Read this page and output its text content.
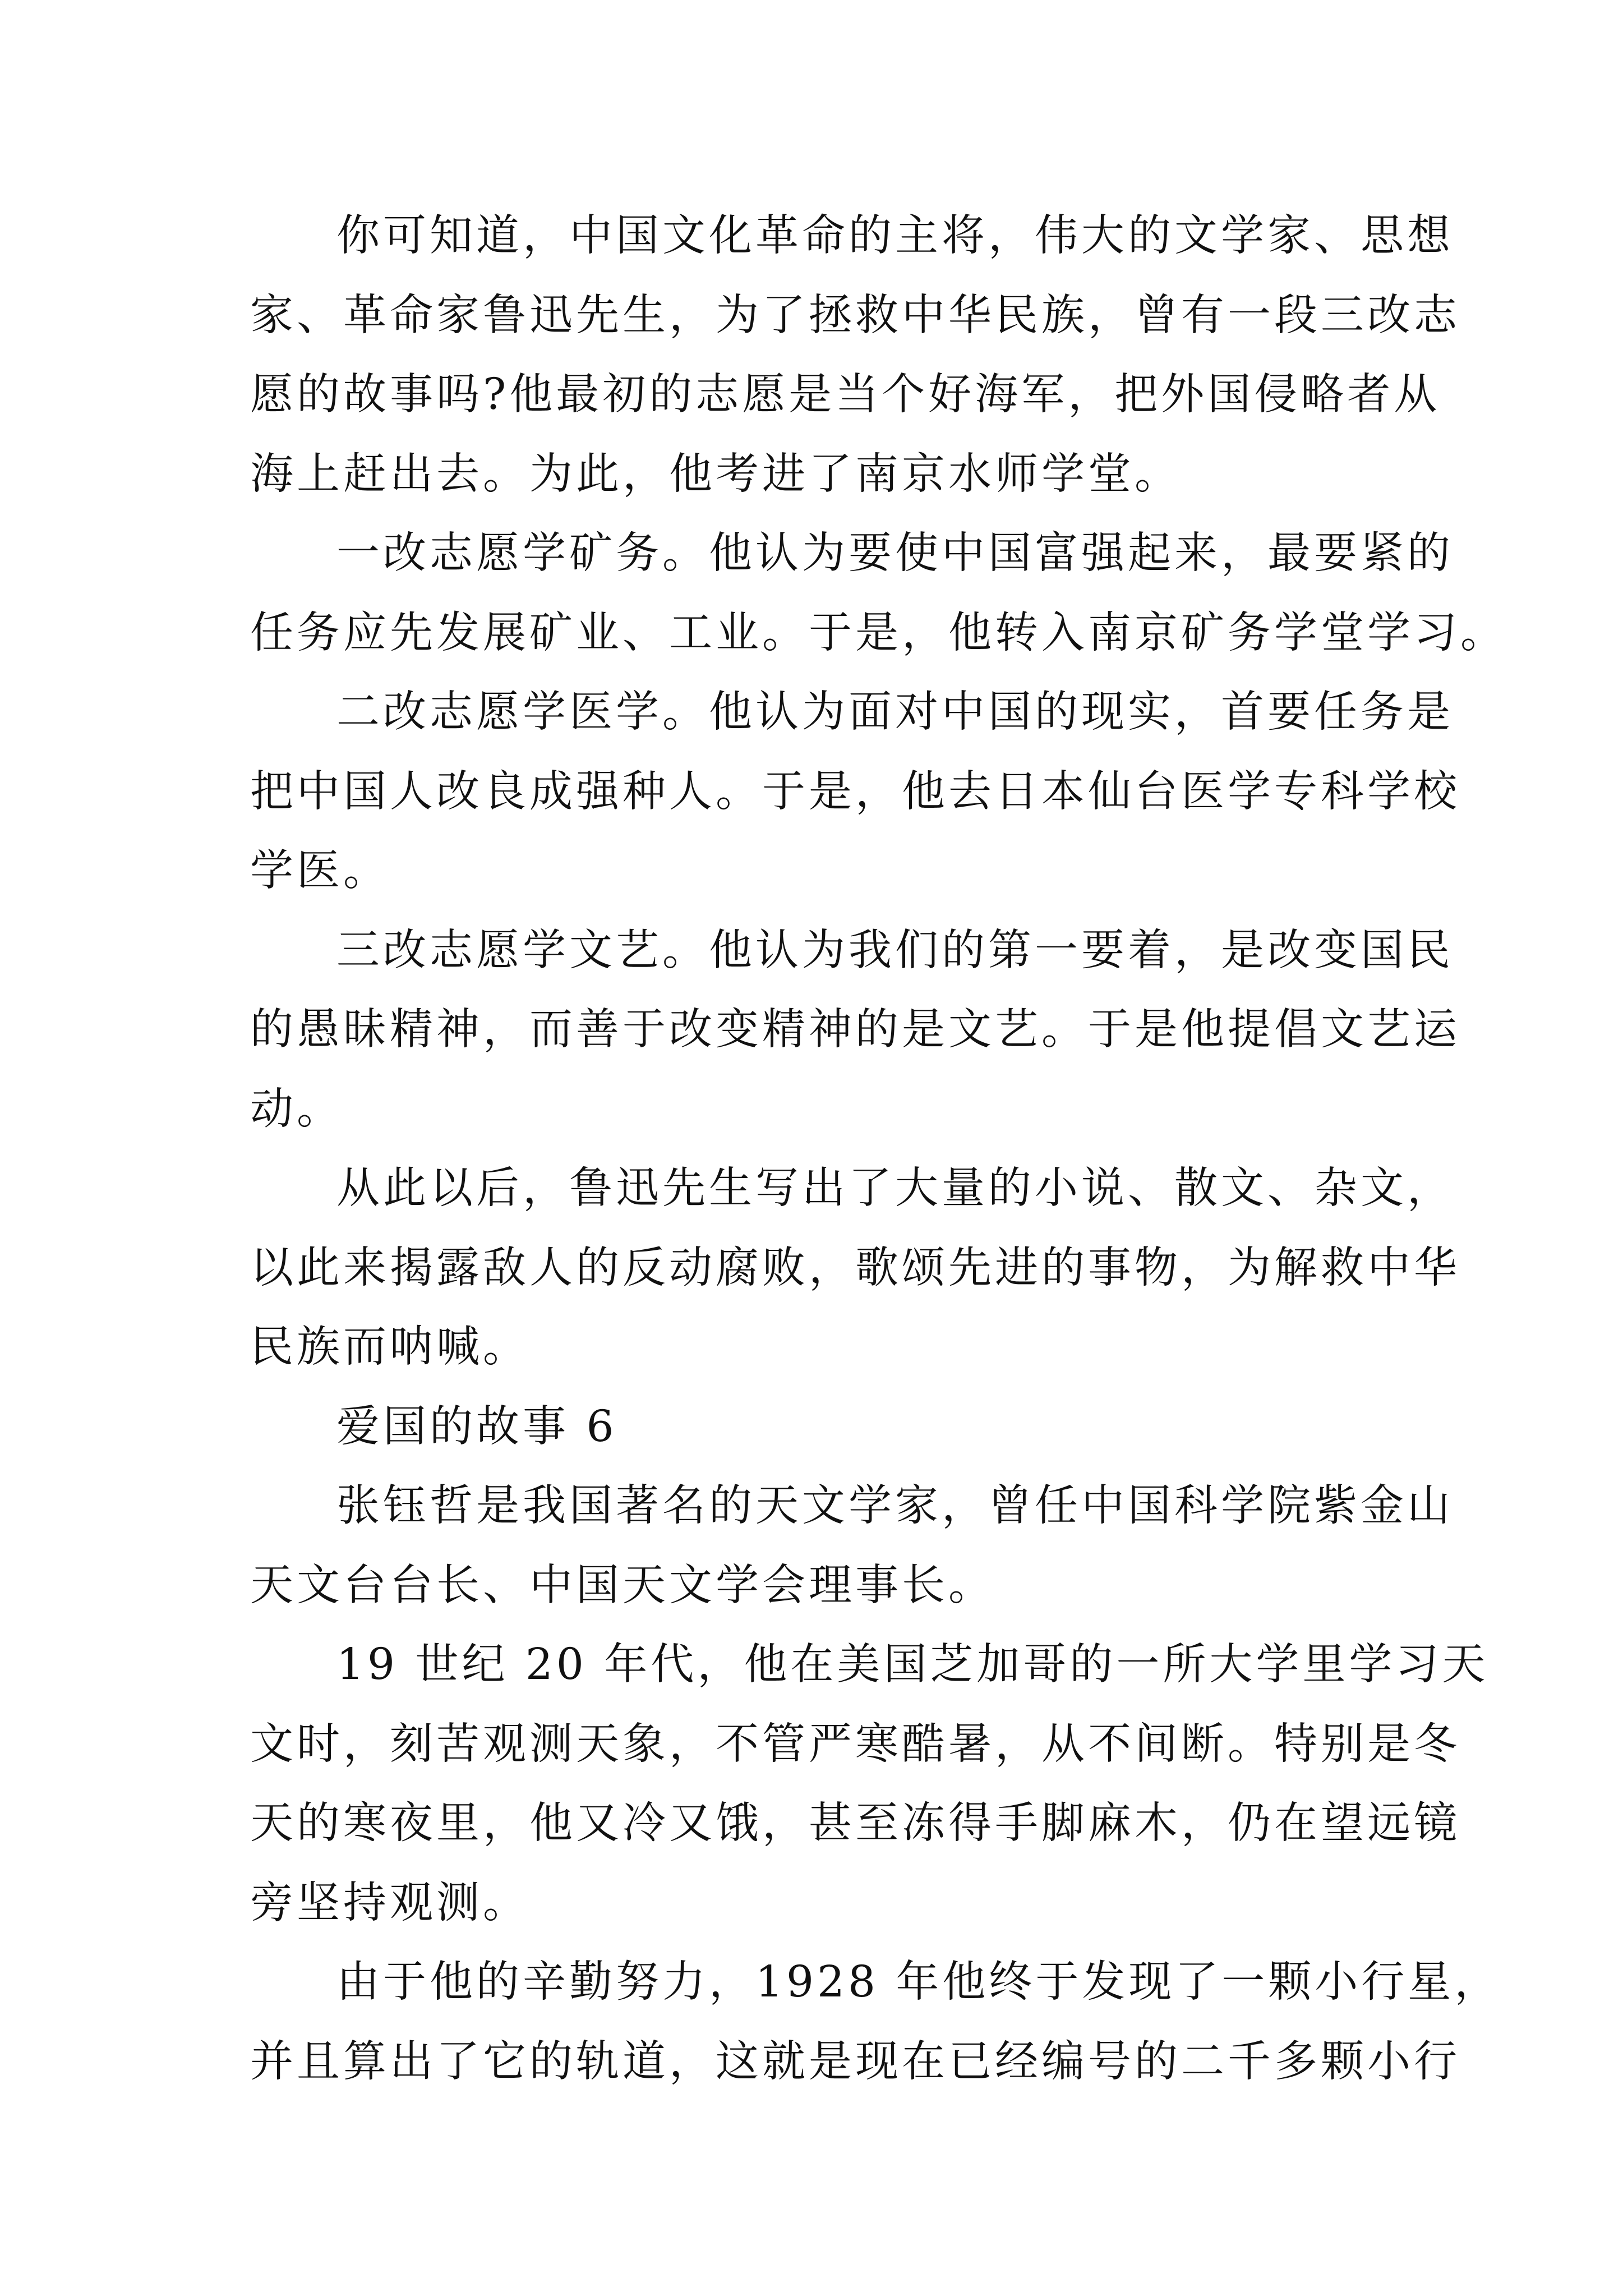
你可知道，中国文化革命的主将，伟大的文学家、思想
家、革命家鲁迅先生，为了拯救中华民族，曾有一段三改志
愿的故事吗?他最初的志愿是当个好海军，把外国侵略者从
海上赶出去。为此，他考进了南京水师学堂。
一改志愿学矿务。他认为要使中国富强起来，最要紧的
任务应先发展矿业、工业。于是，他转入南京矿务学堂学习。
二改志愿学医学。他认为面对中国的现实，首要任务是
把中国人改良成强种人。于是，他去日本仙台医学专科学校
学医。
三改志愿学文艺。他认为我们的第一要着，是改变国民
的愚昧精神，而善于改变精神的是文艺。于是他提倡文艺运
动。
从此以后，鲁迅先生写出了大量的小说、散文、杂文，
以此来揭露敌人的反动腐败，歌颂先进的事物，为解救中华
民族而呐喊。
爱国的故事 6
张钰哲是我国著名的天文学家，曾任中国科学院紫金山
天文台台长、中国天文学会理事长。
19 世纪 20 年代，他在美国芝加哥的一所大学里学习天
文时，刻苦观测天象，不管严寒酷暑，从不间断。特别是冬
天的寒夜里，他又冷又饿，甚至冻得手脚麻木，仍在望远镜
旁坚持观测。
由于他的辛勤努力，1928 年他终于发现了一颗小行星，
并且算出了它的轨道，这就是现在已经编号的二千多颗小行
